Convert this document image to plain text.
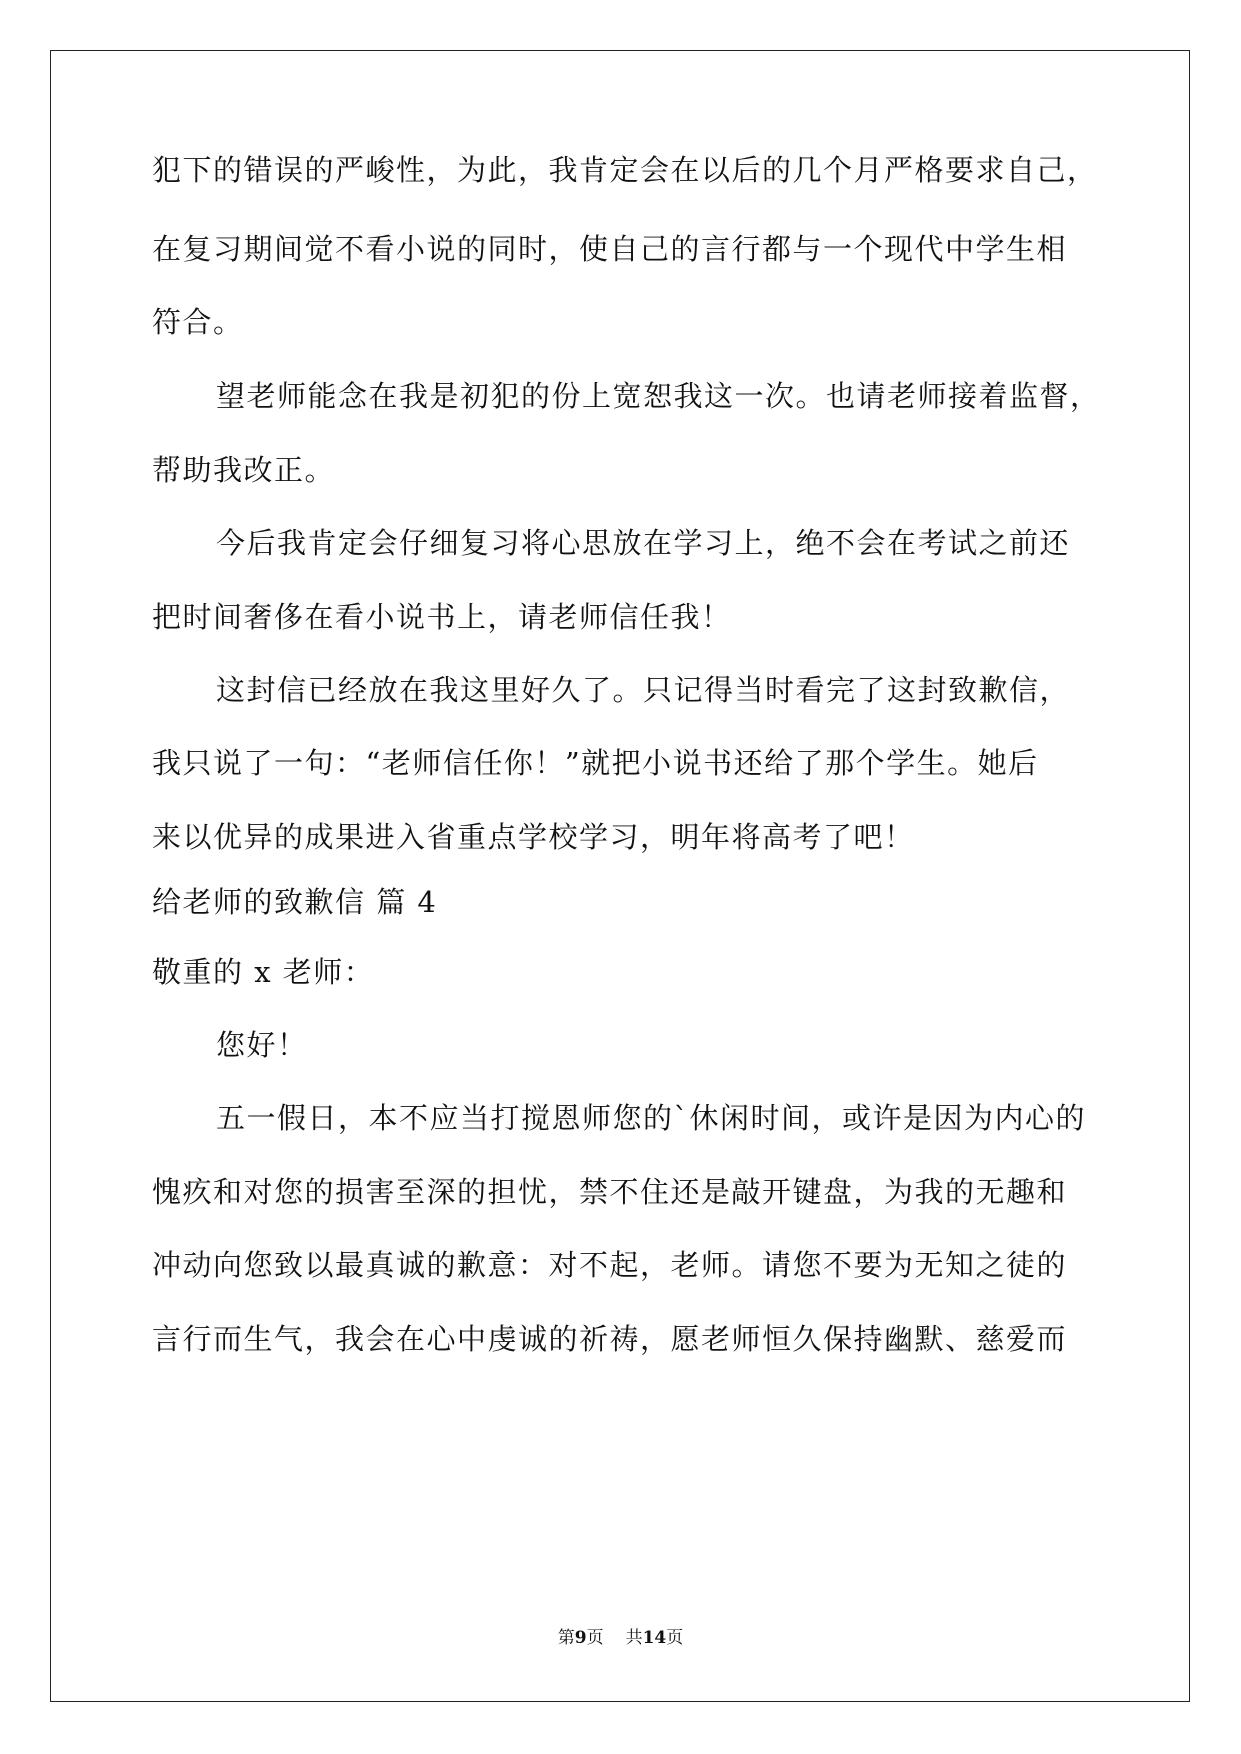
犯下的错误的严峻性，为此，我肯定会在以后的几个月严格要求自己，
在复习期间觉不看小说的同时，使自己的言行都与一个现代中学生相
符合。
望老师能念在我是初犯的份上宽恕我这一次。也请老师接着监督，
帮助我改正。
今后我肯定会仔细复习将心思放在学习上，绝不会在考试之前还
把时间奢侈在看小说书上，请老师信任我！
这封信已经放在我这里好久了。只记得当时看完了这封致歉信，
我只说了一句：“老师信任你！”就把小说书还给了那个学生。她后
来以优异的成果进入省重点学校学习，明年将高考了吧！
给老师的致歉信 篇 4
敬重的 x 老师：
您好！
五一假日，本不应当打搅恩师您的`休闲时间，或许是因为内心的
愧疚和对您的损害至深的担忧，禁不住还是敲开键盘，为我的无趣和
冲动向您致以最真诚的歉意：对不起，老师。请您不要为无知之徒的
言行而生气，我会在心中虔诚的祈祷，愿老师恒久保持幽默、慈爱而
第9页 共14页
